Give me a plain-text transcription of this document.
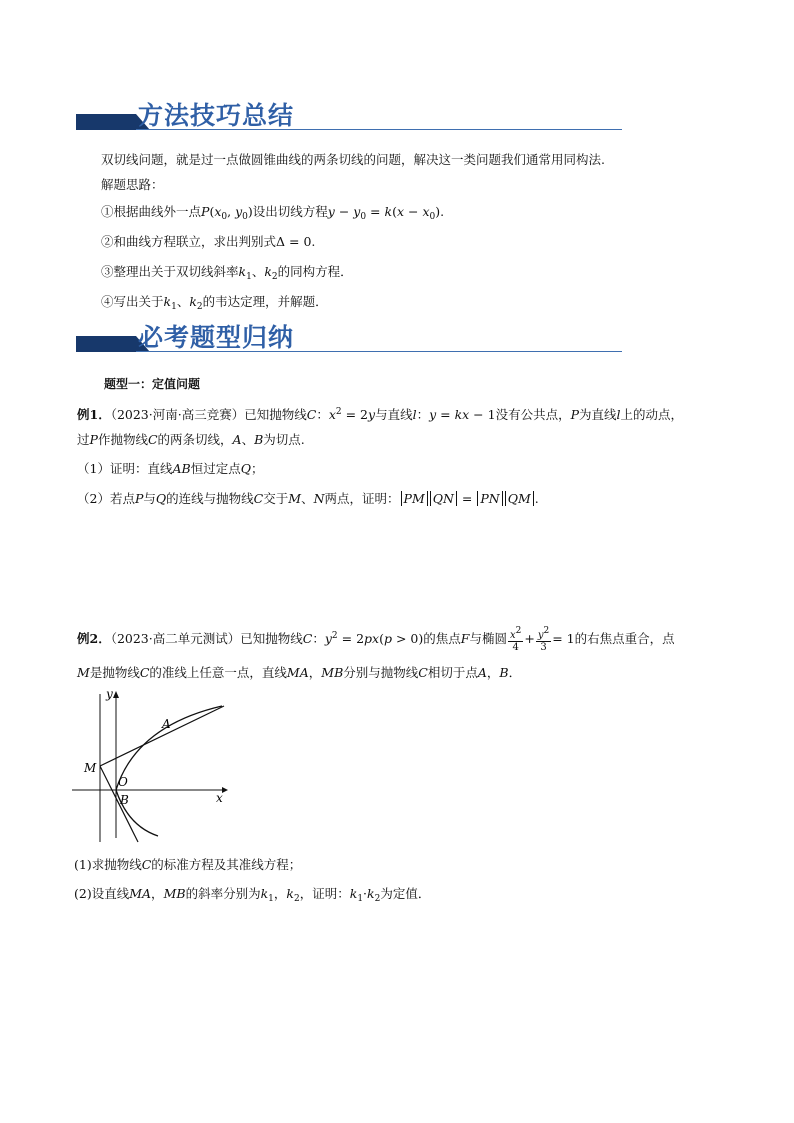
方法技巧总结
双切线问题，就是过一点做圆锥曲线的两条切线的问题，解决这一类问题我们通常用同构法.
解题思路：
①根据曲线外一点$P(x_0$, $y_0$)设出切线方程$y - y_0 = k(x - x_0)$.
②和曲线方程联立，求出判别式Δ = 0.
③整理出关于双切线斜率$k_1$、$k_2$的同构方程．
④写出关于$k_1$、$k_2$的韦达定理，并解题．
必考题型归纳
题型一：定值问题
例1．（2023·河南·高三竞赛）已知抛物线C：$x^2 = 2y$与直线l：y = kx − 1没有公共点，P为直线l上的动点，
过P作抛物线C的两条切线，A、B为切点.
（1）证明：直线AB恒过定点Q；
（2）若点P与Q的连线与抛物线C交于M、N两点，证明： PM QN = PN QM .
例2．（2023·高二单元测试）已知抛物线C：$y^2 = 2px(p > 0)$的焦点F与椭圆 $\frac{x^2}{4} + \frac{y^2}{3} = 1$的右焦点重合，点
M是抛物线C的准线上任意一点，直线MA，MB分别与抛物线C相切于点A，B．
y
x
A
B
M
O
(1)求抛物线C的标准方程及其准线方程；
(2)设直线MA，MB的斜率分别为$k_1$，$k_2$，证明：$k_1\cdot k_2$为定值．
